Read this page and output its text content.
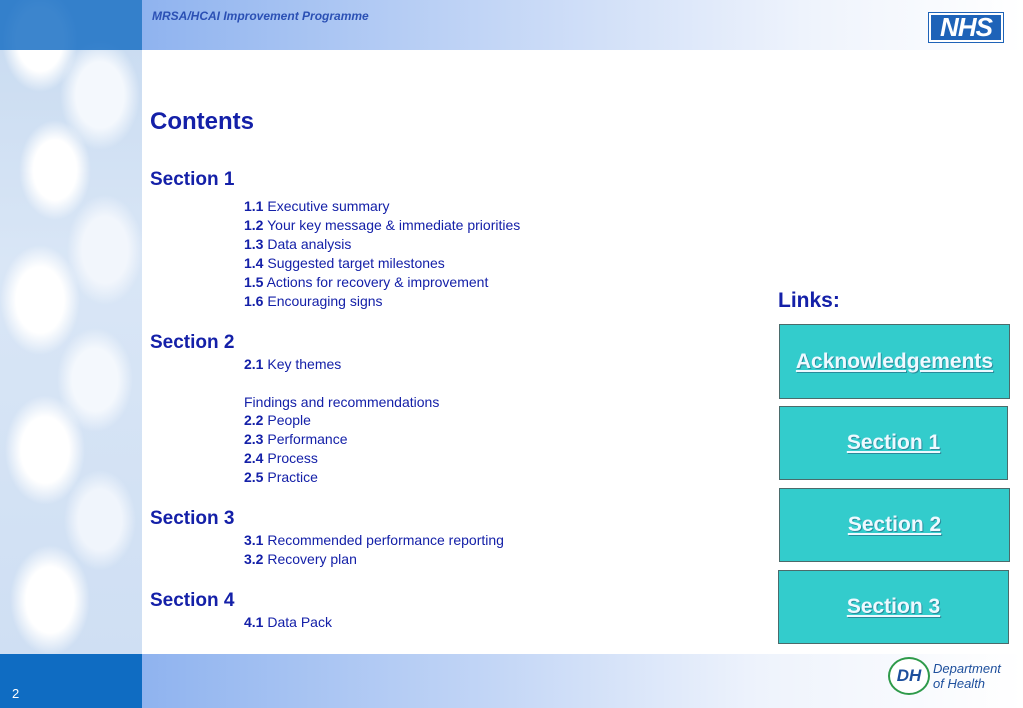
MRSA/HCAI Improvement Programme	NHS
Contents
Section 1
1.1 Executive summary
1.2 Your key message & immediate priorities
1.3 Data analysis
1.4 Suggested target milestones
1.5 Actions for recovery & improvement
1.6 Encouraging signs
Section 2
2.1 Key themes
Findings and recommendations
2.2 People
2.3 Performance
2.4 Process
2.5 Practice
Section 3
3.1 Recommended performance reporting
3.2 Recovery plan
Section 4
4.1 Data Pack
Links:
Acknowledgements
Section 1
Section 2
Section 3
2
DH Department
of Health
